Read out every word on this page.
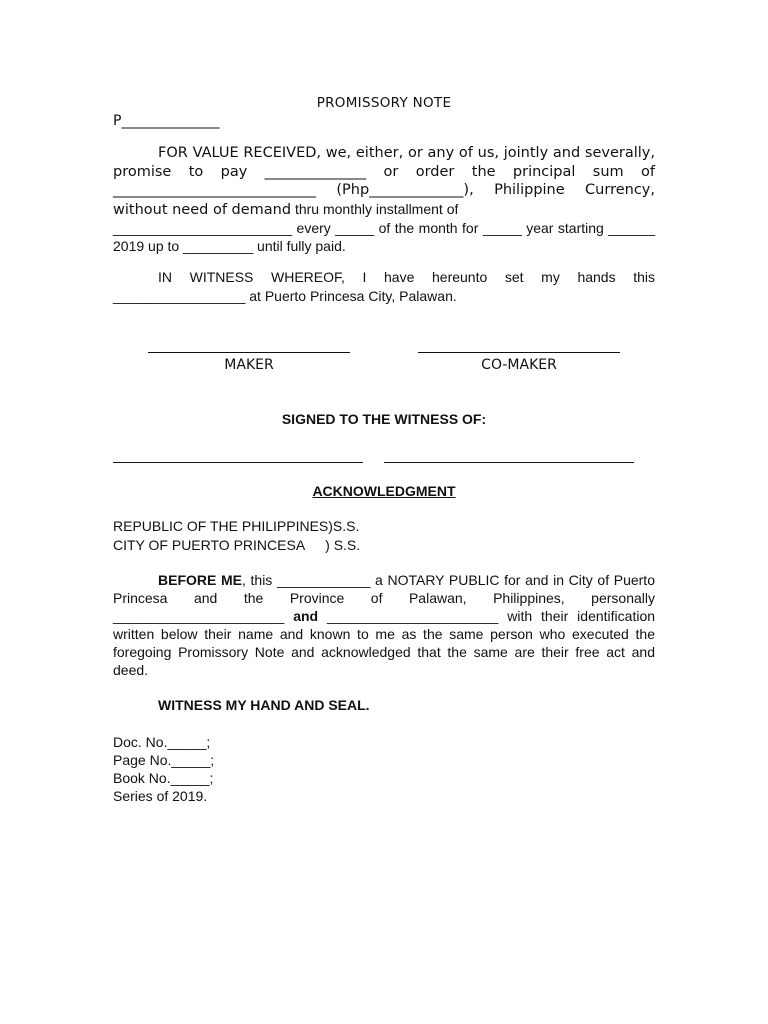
PROMISSORY NOTE
P______________

FOR VALUE RECEIVED, we, either, or any of us, jointly and severally, promise to pay ______________ or order the principal sum of ____________________________ (Php_____________), Philippine Currency, without need of demand thru monthly installment of

_______________________ every _____ of the month for _____ year starting ______ 2019 up to _________ until fully paid.

IN WITNESS WHEREOF, I have hereunto set my hands this _________________ at Puerto Princesa City, Palawan.

MAKER	CO-MAKER
SIGNED TO THE WITNESS OF:
ACKNOWLEDGMENT
REPUBLIC OF THE PHILIPPINES)S.S.
CITY OF PUERTO PRINCESA ) S.S.

BEFORE ME, this ____________ a NOTARY PUBLIC for and in City of Puerto Princesa and the Province of Palawan, Philippines, personally ______________________ and ______________________ with their identification written below their name and known to me as the same person who executed the foregoing Promissory Note and acknowledged that the same are their free act and deed.

WITNESS MY HAND AND SEAL.
Doc. No._____;
Page No._____;
Book No._____;
Series of 2019.
